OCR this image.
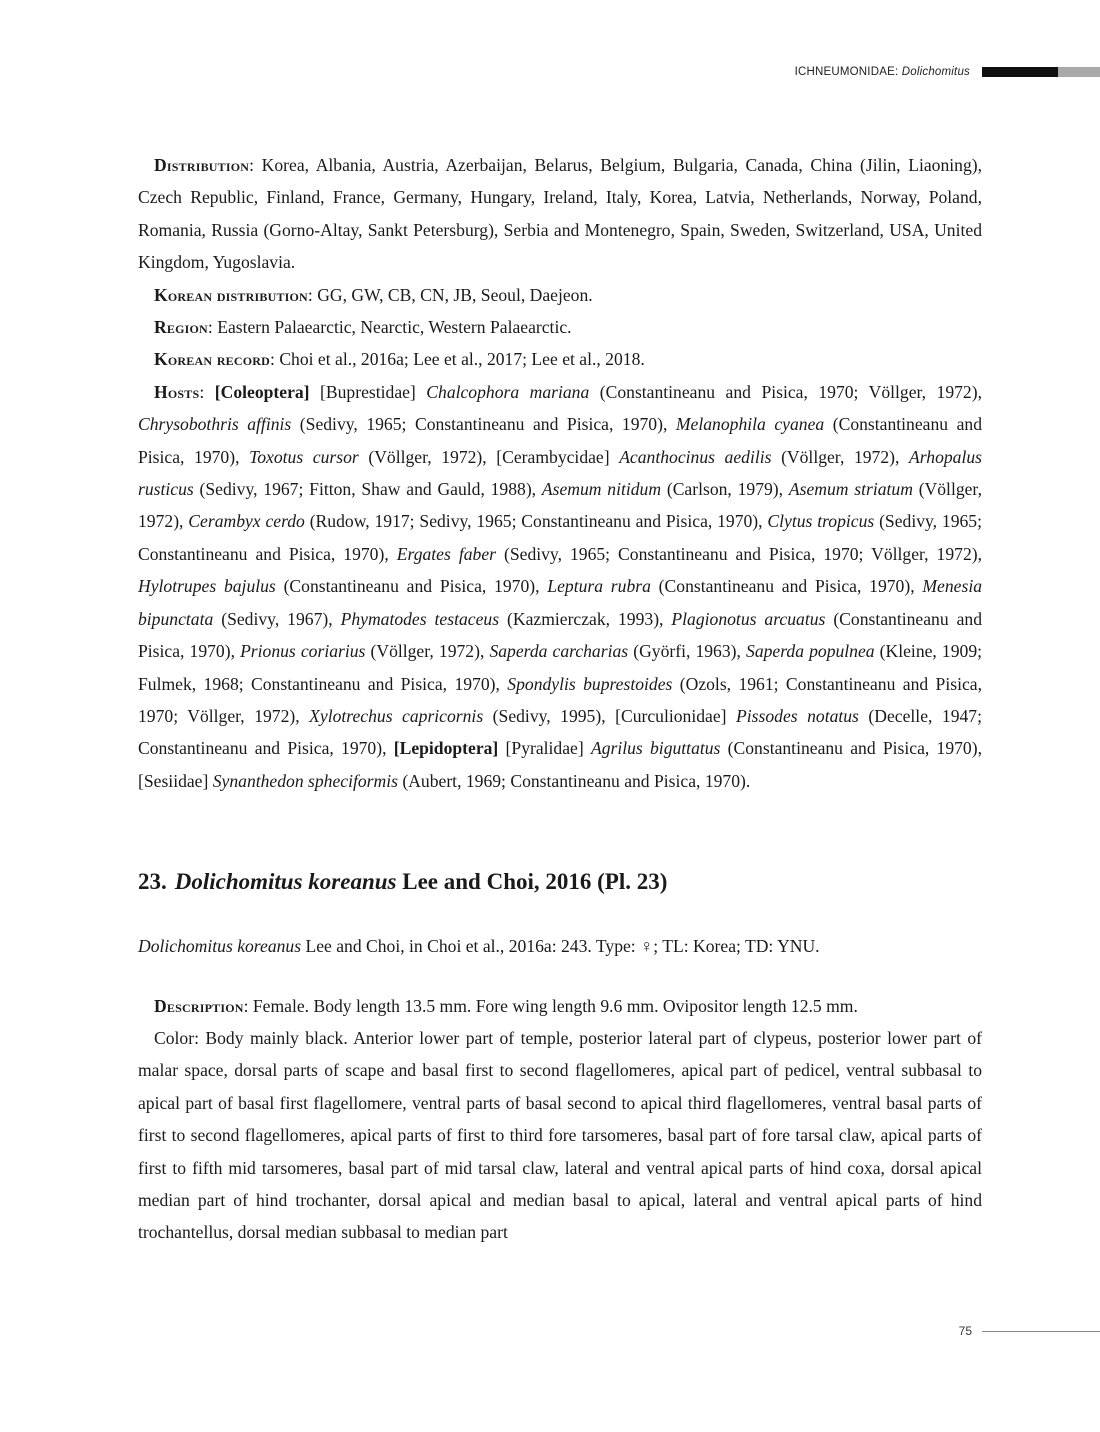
ICHNEUMONIDAE: Dolichomitus

Distribution: Korea, Albania, Austria, Azerbaijan, Belarus, Belgium, Bulgaria, Canada, China (Jilin, Liaoning), Czech Republic, Finland, France, Germany, Hungary, Ireland, Italy, Korea, Latvia, Netherlands, Norway, Poland, Romania, Russia (Gorno-Altay, Sankt Petersburg), Serbia and Montenegro, Spain, Sweden, Switzerland, USA, United Kingdom, Yugoslavia.

Korean distribution: GG, GW, CB, CN, JB, Seoul, Daejeon.

Region: Eastern Palaearctic, Nearctic, Western Palaearctic.

Korean record: Choi et al., 2016a; Lee et al., 2017; Lee et al., 2018.

Hosts: [Coleoptera] [Buprestidae] Chalcophora mariana (Constantineanu and Pisica, 1970; Völlger, 1972), Chrysobothris affinis (Sedivy, 1965; Constantineanu and Pisica, 1970), Melanophila cyanea (Constantineanu and Pisica, 1970), Toxotus cursor (Völlger, 1972), [Cerambycidae] Acanthocinus aedilis (Völlger, 1972), Arhopalus rusticus (Sedivy, 1967; Fitton, Shaw and Gauld, 1988), Asemum nitidum (Carlson, 1979), Asemum striatum (Völlger, 1972), Cerambyx cerdo (Rudow, 1917; Sedivy, 1965; Constantineanu and Pisica, 1970), Clytus tropicus (Sedivy, 1965; Constantineanu and Pisica, 1970), Ergates faber (Sedivy, 1965; Constantineanu and Pisica, 1970; Völlger, 1972), Hylotrupes bajulus (Constantineanu and Pisica, 1970), Leptura rubra (Constantineanu and Pisica, 1970), Menesia bipunctata (Sedivy, 1967), Phymatodes testaceus (Kazmierczak, 1993), Plagionotus arcuatus (Constantineanu and Pisica, 1970), Prionus coriarius (Völlger, 1972), Saperda carcharias (Györfi, 1963), Saperda populnea (Kleine, 1909; Fulmek, 1968; Constantineanu and Pisica, 1970), Spondylis buprestoides (Ozols, 1961; Constantineanu and Pisica, 1970; Völlger, 1972), Xylotrechus capricornis (Sedivy, 1995), [Curculionidae] Pissodes notatus (Decelle, 1947; Constantineanu and Pisica, 1970), [Lepidoptera] [Pyralidae] Agrilus biguttatus (Constantineanu and Pisica, 1970), [Sesiidae] Synanthedon spheciformis (Aubert, 1969; Constantineanu and Pisica, 1970).

23. Dolichomitus koreanus Lee and Choi, 2016 (Pl. 23)

Dolichomitus koreanus Lee and Choi, in Choi et al., 2016a: 243. Type: ♀; TL: Korea; TD: YNU.

Description: Female. Body length 13.5 mm. Fore wing length 9.6 mm. Ovipositor length 12.5 mm.

Color: Body mainly black. Anterior lower part of temple, posterior lateral part of clypeus, posterior lower part of malar space, dorsal parts of scape and basal first to second flagellomeres, apical part of pedicel, ventral subbasal to apical part of basal first flagellomere, ventral parts of basal second to apical third flagellomeres, ventral basal parts of first to second flagellomeres, apical parts of first to third fore tarsomeres, basal part of fore tarsal claw, apical parts of first to fifth mid tarsomeres, basal part of mid tarsal claw, lateral and ventral apical parts of hind coxa, dorsal apical median part of hind trochanter, dorsal apical and median basal to apical, lateral and ventral apical parts of hind trochantellus, dorsal median subbasal to median part

75
